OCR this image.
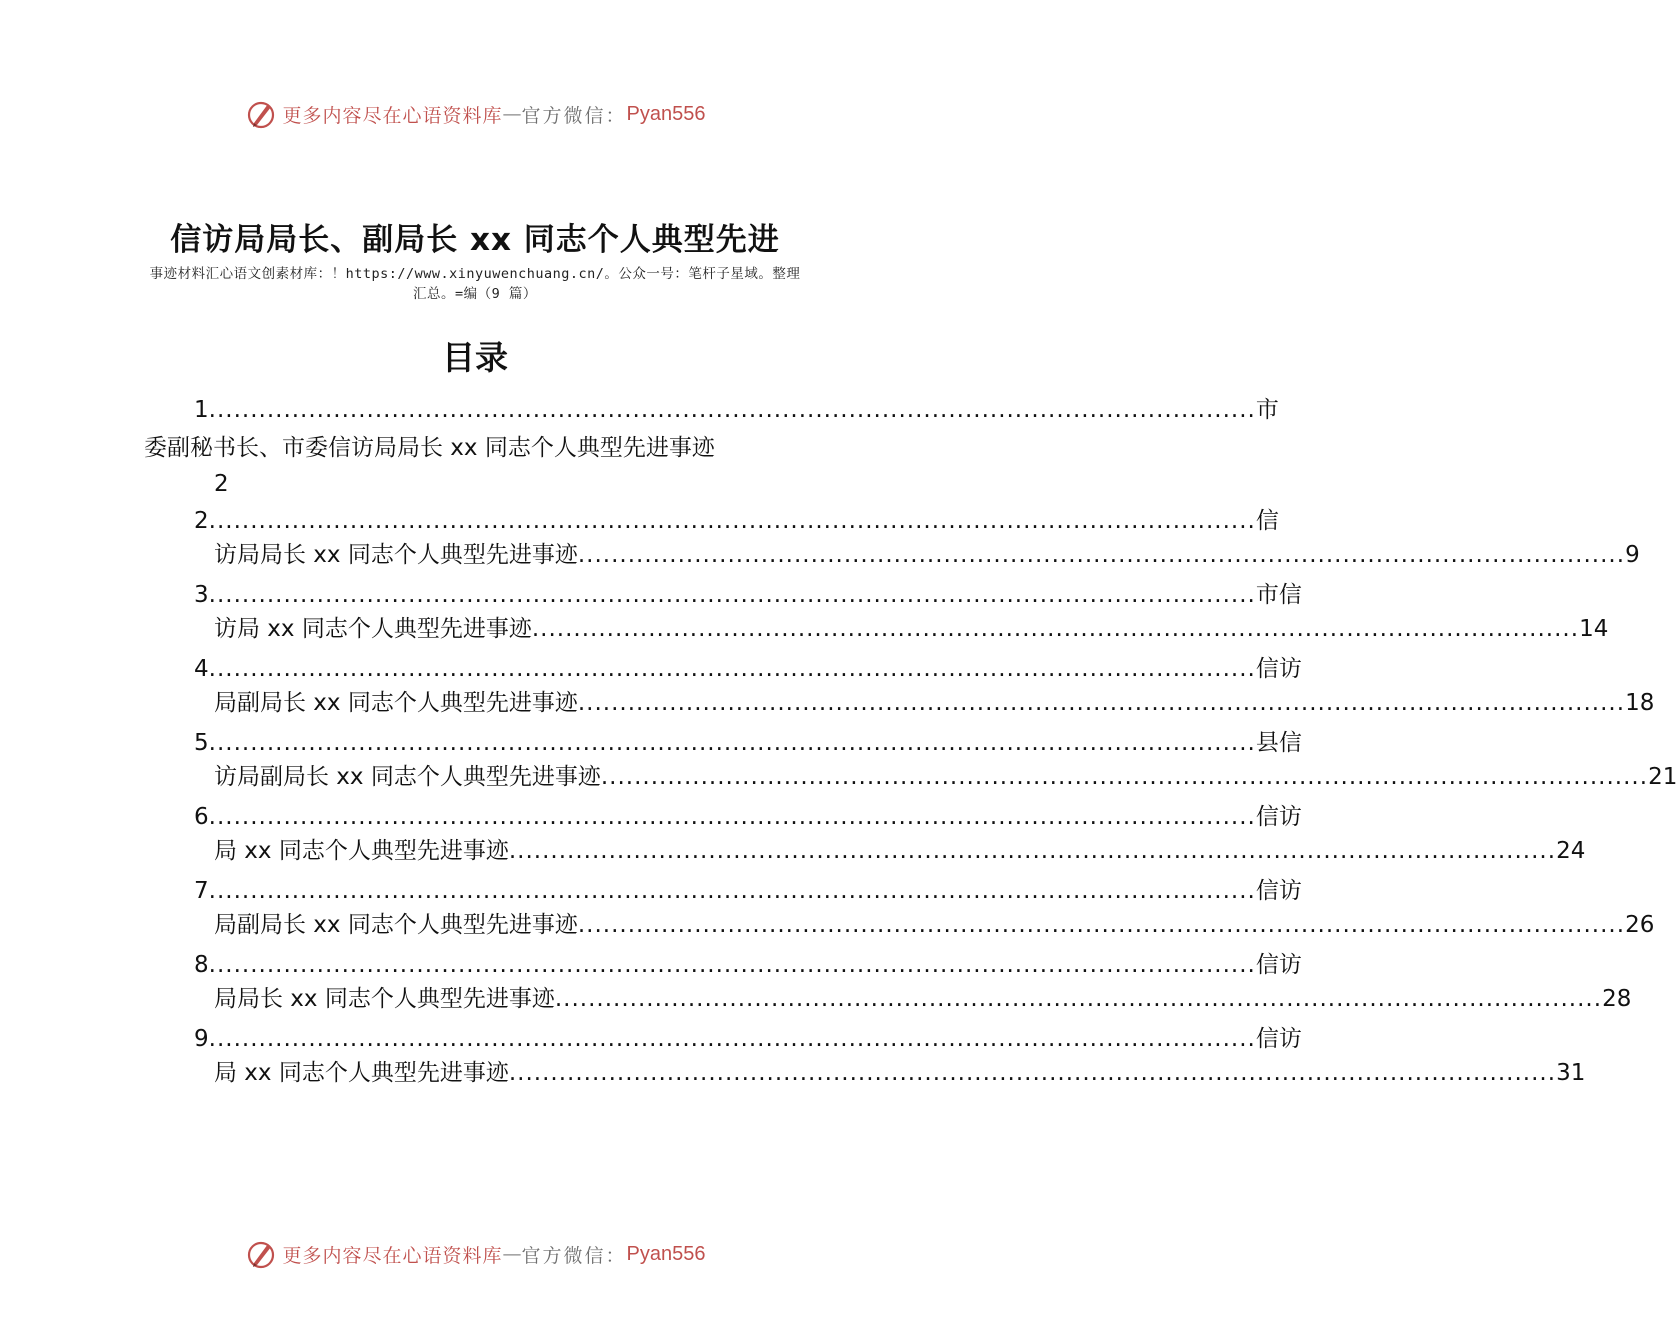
更多内容尽在心语资料库 — 官方微信： Pyan556
信访局局长、副局长 xx 同志个人典型先进
事迹材料汇心语文创素材库：！https://www.xinyuwenchuang.cn/。公众一号：笔杆子星域。整理汇总。=编（9 篇）
目录
1 .............................................................................................................................. 市
委副秘书长、市委信访局局长 xx 同志个人典型先进事迹
2
2 .............................................................................................................................. 信
访局局长 xx 同志个人典型先进事迹 .............................................................................................................................. 9
3 .............................................................................................................................. 市信
访局 xx 同志个人典型先进事迹 .............................................................................................................................. 14
4 .............................................................................................................................. 信访
局副局长 xx 同志个人典型先进事迹 .............................................................................................................................. 18
5 .............................................................................................................................. 县信
访局副局长 xx 同志个人典型先进事迹 .............................................................................................................................. 21
6 .............................................................................................................................. 信访
局 xx 同志个人典型先进事迹 .............................................................................................................................. 24
7 .............................................................................................................................. 信访
局副局长 xx 同志个人典型先进事迹 .............................................................................................................................. 26
8 .............................................................................................................................. 信访
局局长 xx 同志个人典型先进事迹 .............................................................................................................................. 28
9 .............................................................................................................................. 信访
局 xx 同志个人典型先进事迹 .............................................................................................................................. 31
更多内容尽在心语资料库 — 官方微信： Pyan556
